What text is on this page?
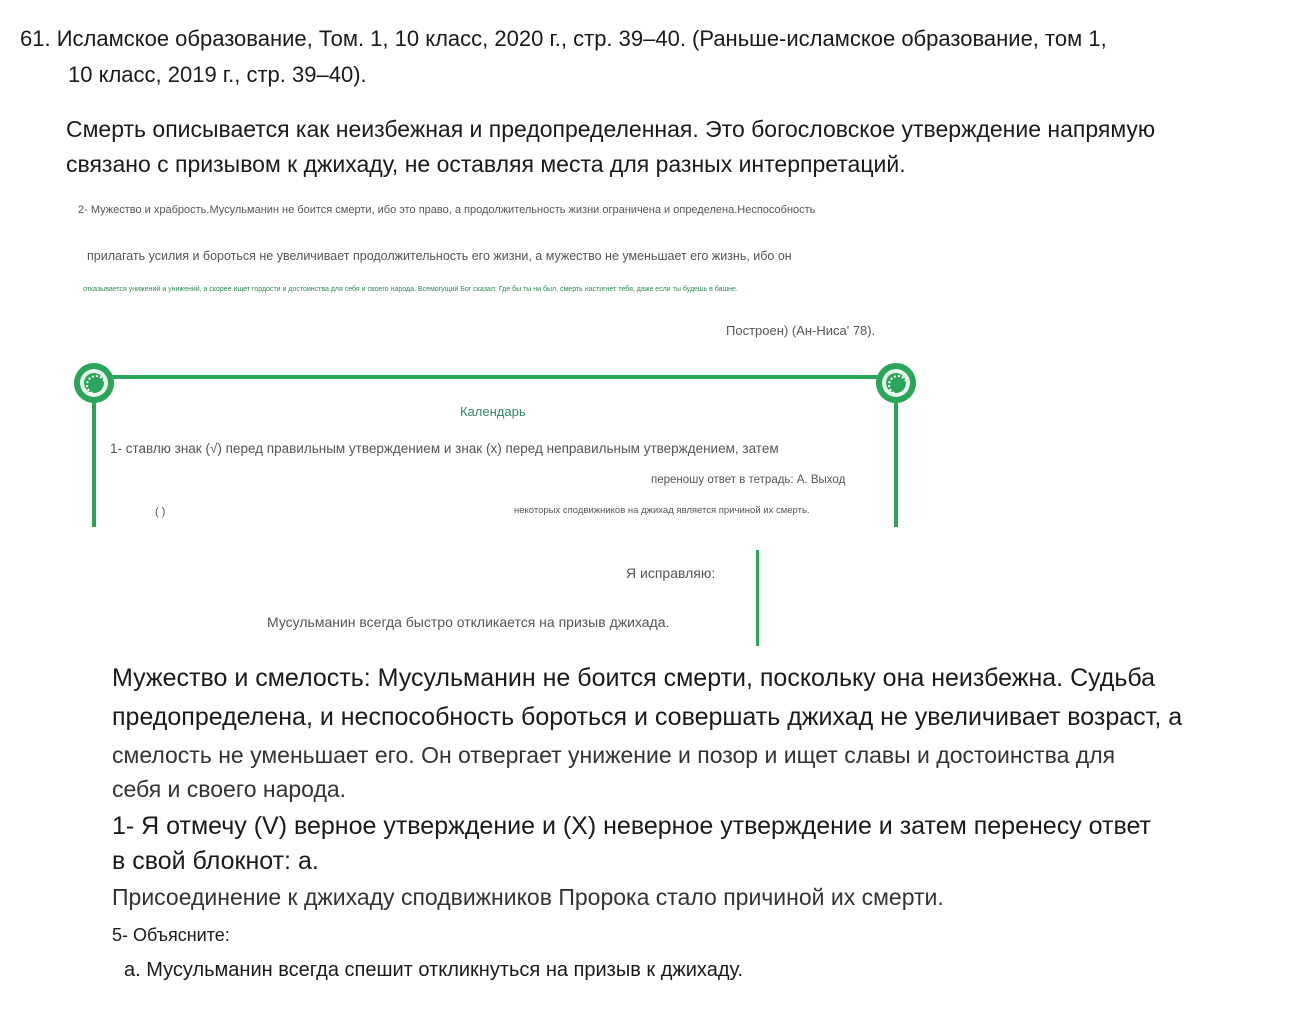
61. Исламское образование, Том. 1, 10 класс, 2020 г., стр. 39–40. (Раньше-исламское образование, том 1,
10 класс, 2019 г., стр. 39–40).
Смерть описывается как неизбежная и предопределенная. Это богословское утверждение напрямую
связано с призывом к джихаду, не оставляя места для разных интерпретаций.
2- Мужество и храбрость.Мусульманин не боится смерти, ибо это право, а продолжительность жизни ограничена и определена.Неспособность
прилагать усилия и бороться не увеличивает продолжительность его жизни, а мужество не уменьшает его жизнь, ибо он
отказывается унижений и унижений, а скорее ищет гордости и достоинства для себя и своего народа. Всемогущий Бог сказал: Где бы ты ни был, смерть настигнет тебя, даже если ты будешь в башне.
Построен) (Ан-Ниса' 78).
Календарь
1- ставлю знак (√) перед правильным утверждением и знак (х) перед неправильным утверждением, затем
переношу ответ в тетрадь: А. Выход
( )	некоторых сподвижников на джихад является причиной их смерть.
Я исправляю:
Мусульманин всегда быстро откликается на призыв джихада.
Мужество и смелость: Мусульманин не боится смерти, поскольку она неизбежна. Судьба
предопределена, и неспособность бороться и совершать джихад не увеличивает возраст, а
смелость не уменьшает его. Он отвергает унижение и позор и ищет славы и достоинства для
себя и своего народа.
1- Я отмечу (V) верное утверждение и (X) неверное утверждение и затем перенесу ответ
в свой блокнот: а.
Присоединение к джихаду сподвижников Пророка стало причиной их смерти.
5- Объясните:
а. Мусульманин всегда спешит откликнуться на призыв к джихаду.
